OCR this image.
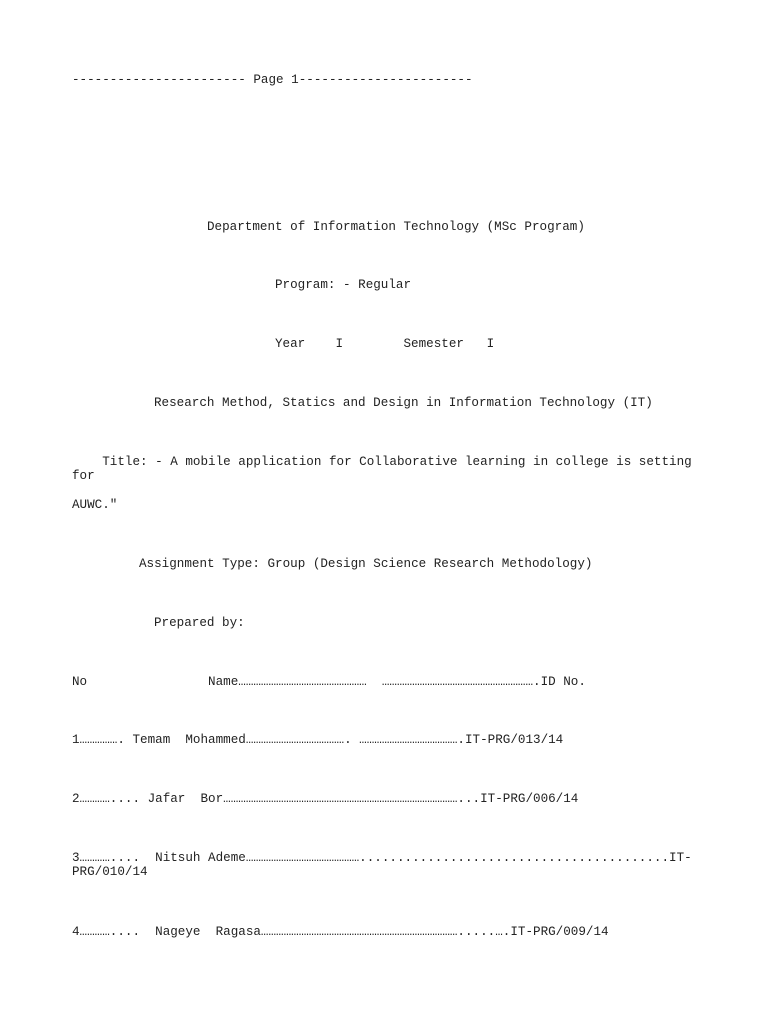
----------------------- Page 1-----------------------
Department of Information Technology (MSc Program)
Program: - Regular
Year    I        Semester   I
Research Method, Statics and Design in Information Technology (IT)
Title: - A mobile application for Collaborative learning in college is setting
for
AUWC."
Assignment Type: Group (Design Science Research Methodology)
Prepared by:
No                Name……………………………………………  …………………………………………………….ID No.
1……………. Temam  Mohammed…………………………………. ………………………………….IT-PRG/013/14
2………….... Jafar  Bor…………………………………………………………………………………...IT-PRG/006/14
3…………....  Nitsuh Ademe……………………………………….........................................IT-
PRG/010/14
4…………....  Nageye  Ragasa…………………………………………………………………….....….IT-PRG/009/14
